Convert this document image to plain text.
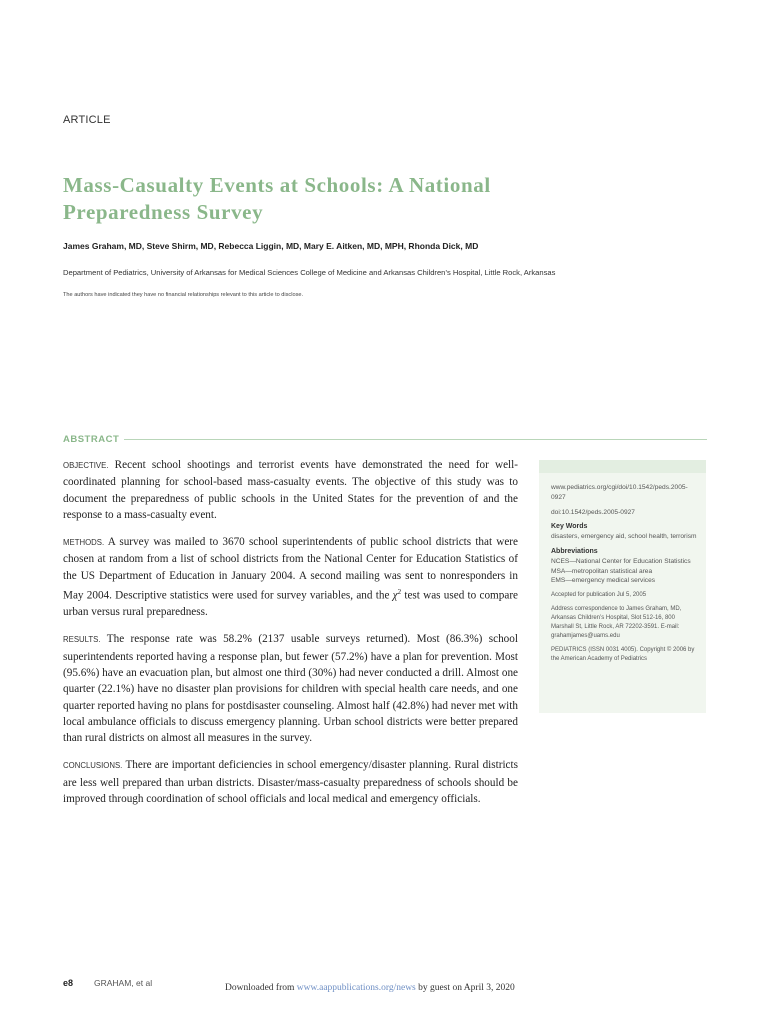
ARTICLE
Mass-Casualty Events at Schools: A National Preparedness Survey
James Graham, MD, Steve Shirm, MD, Rebecca Liggin, MD, Mary E. Aitken, MD, MPH, Rhonda Dick, MD
Department of Pediatrics, University of Arkansas for Medical Sciences College of Medicine and Arkansas Children’s Hospital, Little Rock, Arkansas
The authors have indicated they have no financial relationships relevant to this article to disclose.
ABSTRACT

OBJECTIVE. Recent school shootings and terrorist events have demonstrated the need for well-coordinated planning for school-based mass-casualty events. The objective of this study was to document the preparedness of public schools in the United States for the prevention of and the response to a mass-casualty event.

METHODS. A survey was mailed to 3670 school superintendents of public school districts that were chosen at random from a list of school districts from the National Center for Education Statistics of the US Department of Education in January 2004. A second mailing was sent to nonresponders in May 2004. Descriptive statistics were used for survey variables, and the $\chi^2$ test was used to compare urban versus rural preparedness.

RESULTS. The response rate was 58.2% (2137 usable surveys returned). Most (86.3%) school superintendents reported having a response plan, but fewer (57.2%) have a plan for prevention. Most (95.6%) have an evacuation plan, but almost one third (30%) had never conducted a drill. Almost one quarter (22.1%) have no disaster plan provisions for children with special health care needs, and one quarter reported having no plans for postdisaster counseling. Almost half (42.8%) had never met with local ambulance officials to discuss emergency planning. Urban school districts were better prepared than rural districts on almost all measures in the survey.

CONCLUSIONS. There are important deficiencies in school emergency/disaster planning. Rural districts are less well prepared than urban districts. Disaster/mass-casualty preparedness of schools should be improved through coordination of school officials and local medical and emergency officials.

www.pediatrics.org/cgi/doi/10.1542/peds.2005-0927
doi:10.1542/peds.2005-0927
Key Words
disasters, emergency aid, school health, terrorism
Abbreviations
NCES—National Center for Education Statistics
MSA—metropolitan statistical area
EMS—emergency medical services
Accepted for publication Jul 5, 2005
Address correspondence to James Graham, MD, Arkansas Children’s Hospital, Slot 512-16, 800 Marshall St, Little Rock, AR 72202-3591. E-mail: grahamjames@uams.edu
PEDIATRICS (ISSN 0031 4005). Copyright © 2006 by the American Academy of Pediatrics
e8 GRAHAM, et al	Downloaded from www.aappublications.org/news by guest on April 3, 2020
